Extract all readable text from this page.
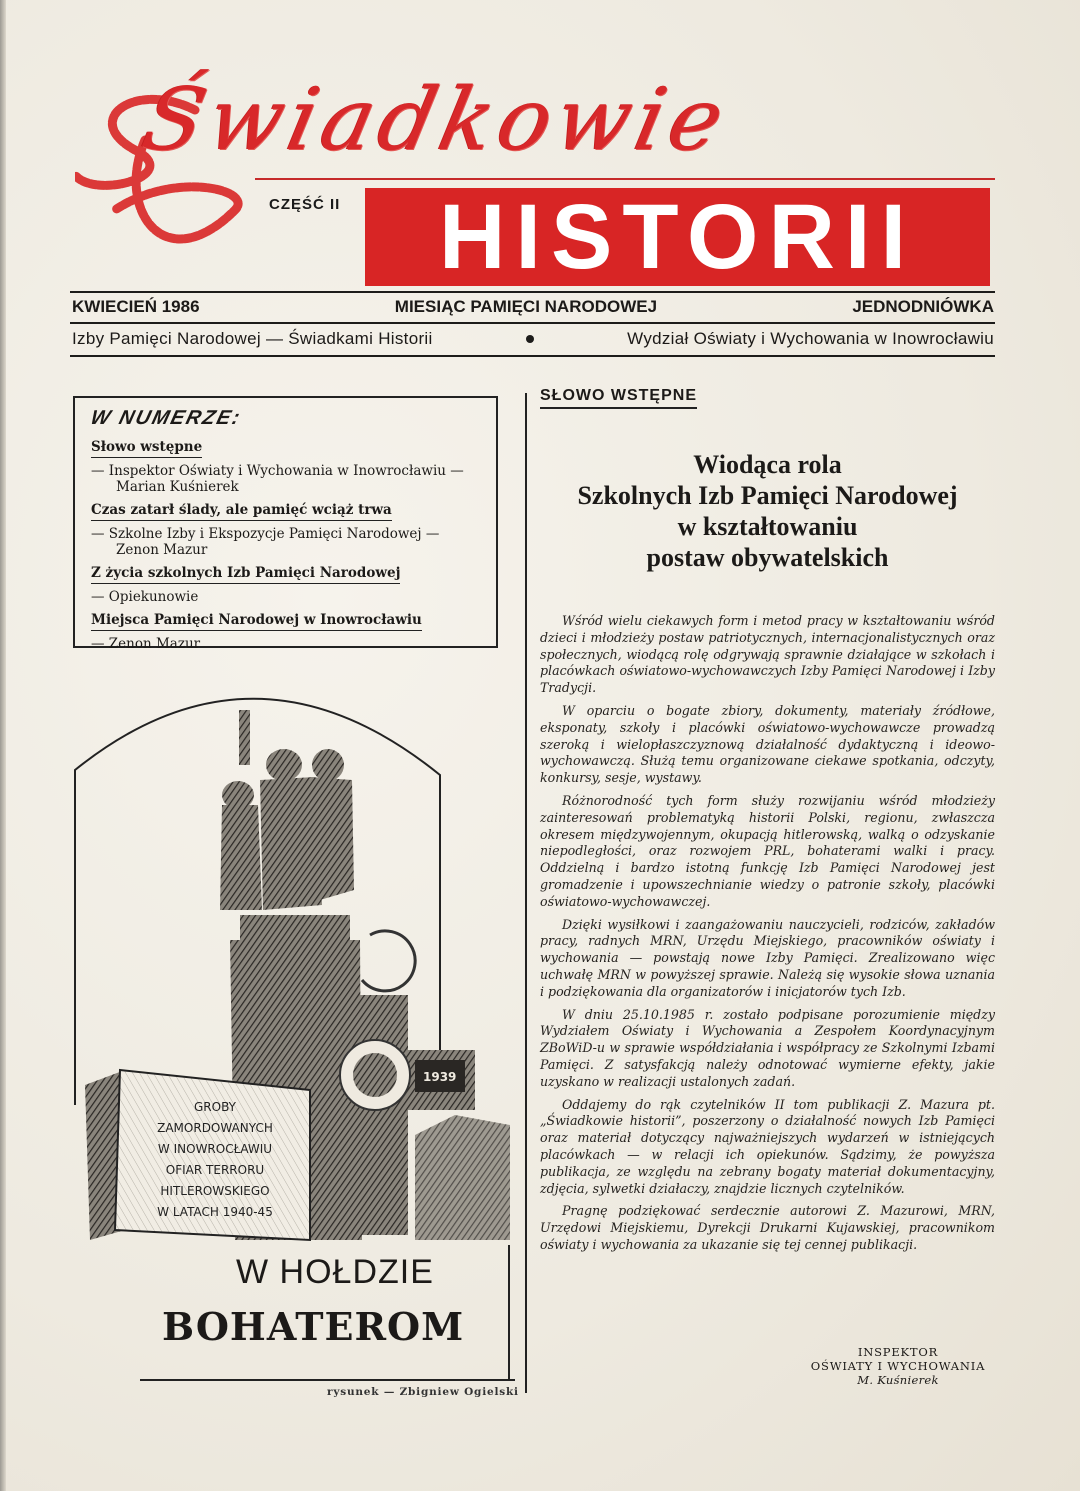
Świadkowie
CZĘŚĆ II	HISTORII
KWIECIEŃ 1986	MIESIĄC PAMIĘCI NARODOWEJ	JEDNODNIÓWKA
Izby Pamięci Narodowej — Świadkami Historii	Wydział Oświaty i Wychowania w Inowrocławiu
W NUMERZE:
Słowo wstępne
— Inspektor Oświaty i Wychowania w Inowrocławiu — Marian Kuśnierek
Czas zatarł ślady, ale pamięć wciąż trwa
— Szkolne Izby i Ekspozycje Pamięci Narodowej — Zenon Mazur
Z życia szkolnych Izb Pamięci Narodowej
— Opiekunowie
Miejsca Pamięci Narodowej w Inowrocławiu
— Zenon Mazur
1939
GROBY
ZAMORDOWANYCH
W INOWROCŁAWIU
OFIAR TERRORU
HITLEROWSKIEGO
W LATACH 1940-45
W HOŁDZIE
BOHATEROM
rysunek — Zbigniew Ogielski
SŁOWO WSTĘPNE
Wiodąca rola
Szkolnych Izb Pamięci Narodowej
w kształtowaniu
postaw obywatelskich

Wśród wielu ciekawych form i metod pracy w kształtowaniu wśród dzieci i młodzieży postaw patriotycznych, internacjonalistycznych oraz społecznych, wiodącą rolę odgrywają sprawnie działające w szkołach i placówkach oświatowo-wychowawczych Izby Pamięci Narodowej i Izby Tradycji.

W oparciu o bogate zbiory, dokumenty, materiały źródłowe, eksponaty, szkoły i placówki oświatowo-wychowawcze prowadzą szeroką i wielopłaszczyznową działalność dydaktyczną i ideowo-wychowawczą. Służą temu organizowane ciekawe spotkania, odczyty, konkursy, sesje, wystawy.

Różnorodność tych form służy rozwijaniu wśród młodzieży zainteresowań problematyką historii Polski, regionu, zwłaszcza okresem międzywojennym, okupacją hitlerowską, walką o odzyskanie niepodległości, oraz rozwojem PRL, bohaterami walki i pracy. Oddzielną i bardzo istotną funkcję Izb Pamięci Narodowej jest gromadzenie i upowszechnianie wiedzy o patronie szkoły, placówki oświatowo-wychowawczej.

Dzięki wysiłkowi i zaangażowaniu nauczycieli, rodziców, zakładów pracy, radnych MRN, Urzędu Miejskiego, pracowników oświaty i wychowania — powstają nowe Izby Pamięci. Zrealizowano więc uchwałę MRN w powyższej sprawie. Należą się wysokie słowa uznania i podziękowania dla organizatorów i inicjatorów tych Izb.

W dniu 25.10.1985 r. zostało podpisane porozumienie między Wydziałem Oświaty i Wychowania a Zespołem Koordynacyjnym ZBoWiD-u w sprawie współdziałania i współpracy ze Szkolnymi Izbami Pamięci. Z satysfakcją należy odnotować wymierne efekty, jakie uzyskano w realizacji ustalonych zadań.

Oddajemy do rąk czytelników II tom publikacji Z. Mazura pt. „Świadkowie historii”, poszerzony o działalność nowych Izb Pamięci oraz materiał dotyczący najważniejszych wydarzeń w istniejących placówkach — w relacji ich opiekunów. Sądzimy, że powyższa publikacja, ze względu na zebrany bogaty materiał dokumentacyjny, zdjęcia, sylwetki działaczy, znajdzie licznych czytelników.

Pragnę podziękować serdecznie autorowi Z. Mazurowi, MRN, Urzędowi Miejskiemu, Dyrekcji Drukarni Kujawskiej, pracownikom oświaty i wychowania za ukazanie się tej cennej publikacji.

INSPEKTOR
OŚWIATY I WYCHOWANIA
M. Kuśnierek
